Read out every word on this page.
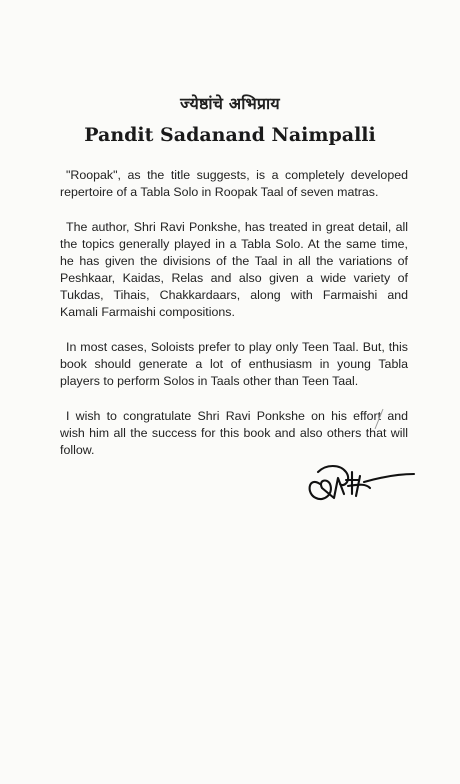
ज्येष्ठांचे अभिप्राय
Pandit Sadanand Naimpalli

"Roopak", as the title suggests, is a completely developed repertoire of a Tabla Solo in Roopak Taal of seven matras.

The author, Shri Ravi Ponkshe, has treated in great detail, all the topics generally played in a Tabla Solo. At the same time, he has given the divisions of the Taal in all the variations of Peshkaar, Kaidas, Relas and also given a wide variety of Tukdas, Tihais, Chakkardaars, along with Farmaishi and Kamali Farmaishi compositions.

In most cases, Soloists prefer to play only Teen Taal. But, this book should generate a lot of enthusiasm in young Tabla players to perform Solos in Taals other than Teen Taal.

I wish to congratulate Shri Ravi Ponkshe on his effort and wish him all the success for this book and also others that will follow.
